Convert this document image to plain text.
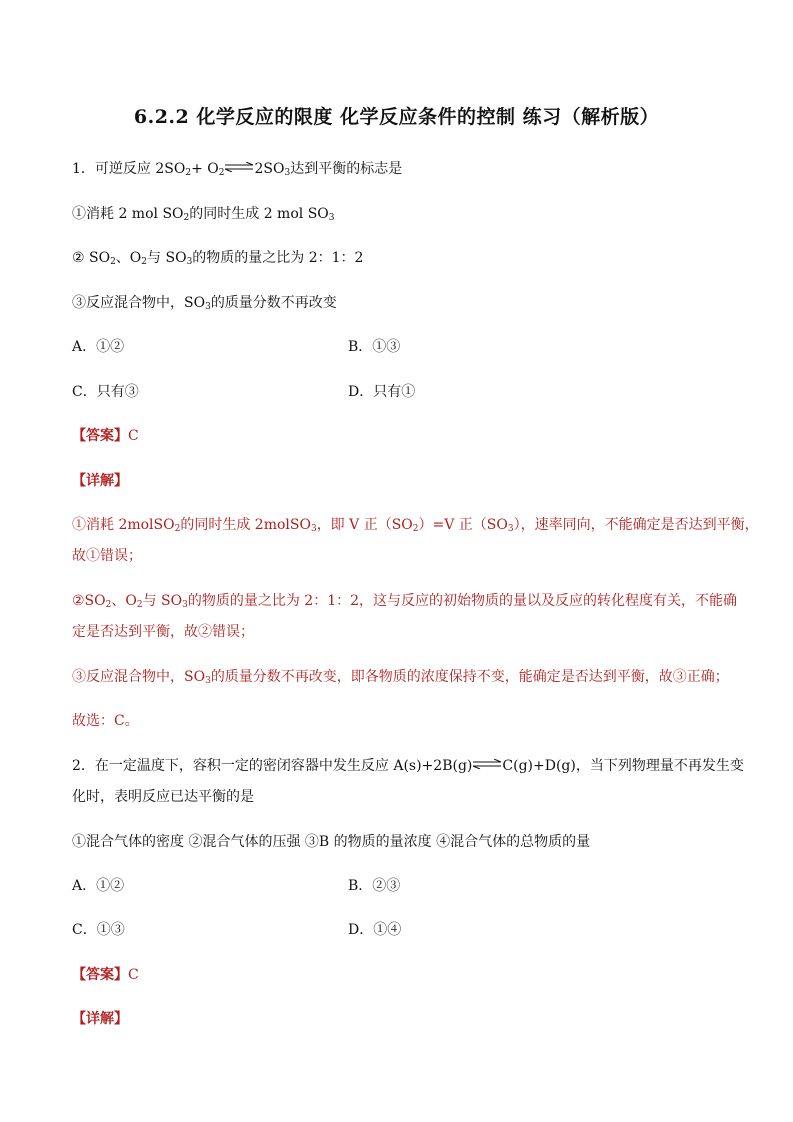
6.2.2 化学反应的限度 化学反应条件的控制 练习（解析版）
1．可逆反应 $2SO_2+ O_2$ $\rightleftharpoons 2SO_3$达到平衡的标志是
①消耗 2 mol $SO_2$的同时生成 2 mol $SO_3$
② $SO_2$、$O_2$与 $SO_3$的物质的量之比为 2：1：2
③反应混合物中，$SO_3$的质量分数不再改变
A．①②	B．①③
C．只有③	D．只有①
【答案】C
【详解】
①消耗 2molSO$_2$的同时生成 2molSO$_3$，即 V 正$(SO_2)=V$ 正$(SO_3)$，速率同向，不能确定是否达到平衡，
故①错误；
$②SO_2$、$O_2$与 $SO_3$的物质的量之比为 2：1：2，这与反应的初始物质的量以及反应的转化程度有关，不能确
定是否达到平衡，故②错误；
③反应混合物中，$SO_3$的质量分数不再改变，即各物质的浓度保持不变，能确定是否达到平衡，故③正确；
故选：C。
2．在一定温度下，容积一定的密闭容器中发生反应 A(s)+2B(g)⇌C(g)+D(g)，当下列物理量不再发生变
化时，表明反应已达平衡的是
①混合气体的密度 ②混合气体的压强 ③B 的物质的量浓度 ④混合气体的总物质的量
A．①②	B．②③
C．①③	D．①④
【答案】C
【详解】
